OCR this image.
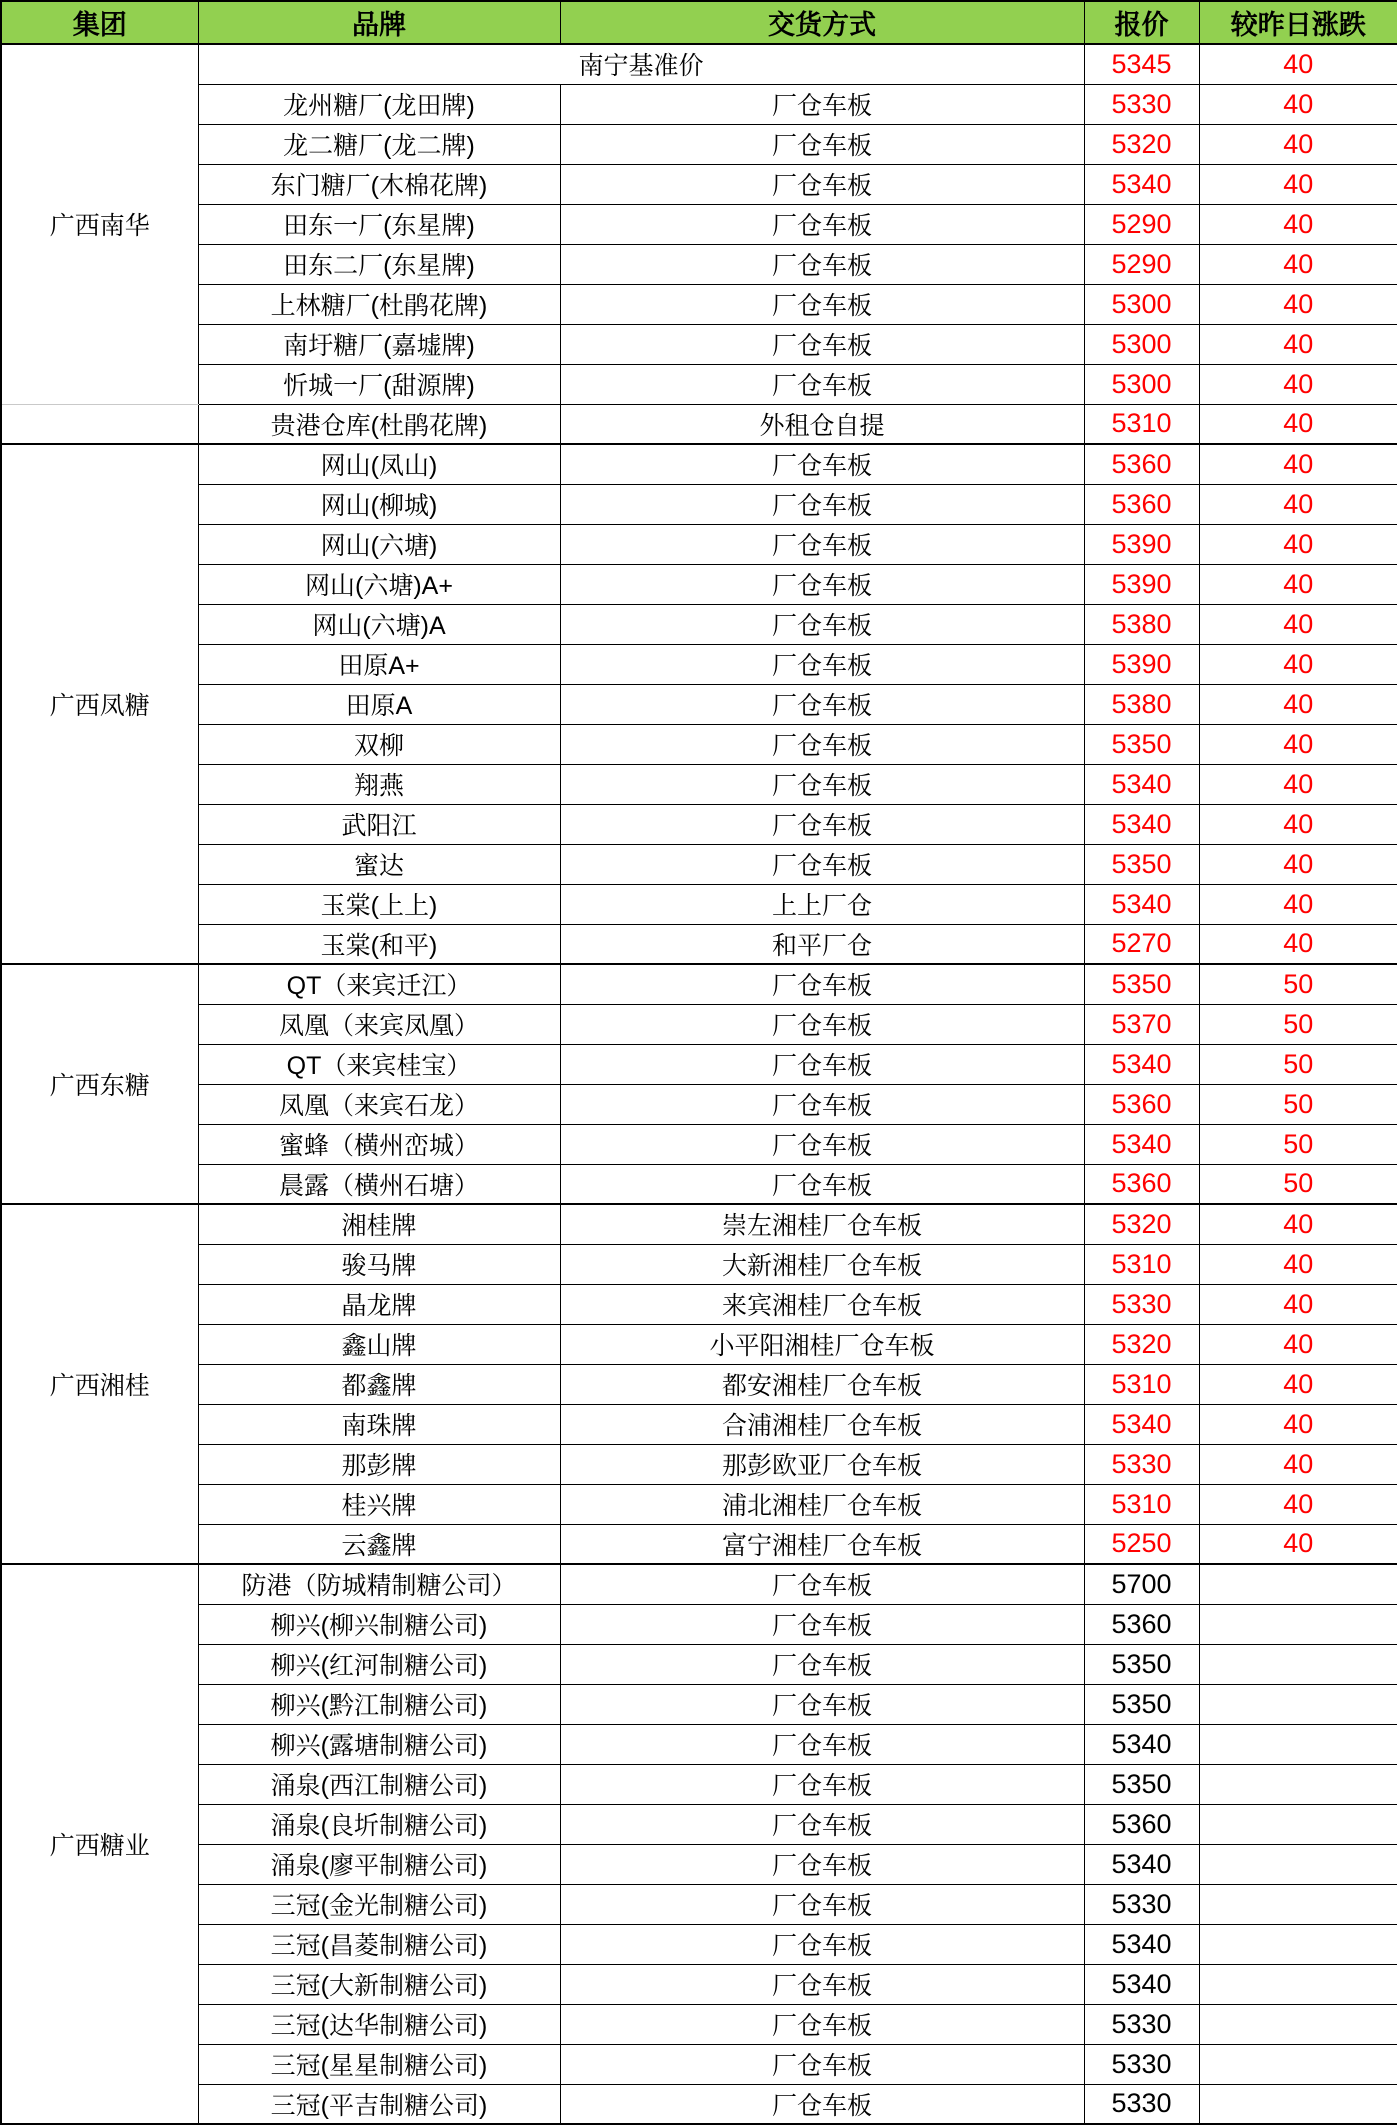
集团	品牌	交货方式	报价	较昨日涨跌
广西南华	南宁基准价		5345	40
	龙州糖厂(龙田牌)	厂仓车板	5330	40
	龙二糖厂(龙二牌)	厂仓车板	5320	40
	东门糖厂(木棉花牌)	厂仓车板	5340	40
	田东一厂(东星牌)	厂仓车板	5290	40
	田东二厂(东星牌)	厂仓车板	5290	40
	上林糖厂(杜鹃花牌)	厂仓车板	5300	40
	南圩糖厂(嘉墟牌)	厂仓车板	5300	40
	忻城一厂(甜源牌)	厂仓车板	5300	40
	贵港仓库(杜鹃花牌)	外租仓自提	5310	40
广西凤糖	网山(凤山)	厂仓车板	5360	40
	网山(柳城)	厂仓车板	5360	40
	网山(六塘)	厂仓车板	5390	40
	网山(六塘)A+	厂仓车板	5390	40
	网山(六塘)A	厂仓车板	5380	40
	田原A+	厂仓车板	5390	40
	田原A	厂仓车板	5380	40
	双柳	厂仓车板	5350	40
	翔燕	厂仓车板	5340	40
	武阳江	厂仓车板	5340	40
	蜜达	厂仓车板	5350	40
	玉棠(上上)	上上厂仓	5340	40
	玉棠(和平)	和平厂仓	5270	40
广西东糖	QT（来宾迁江）	厂仓车板	5350	50
	凤凰（来宾凤凰）	厂仓车板	5370	50
	QT（来宾桂宝）	厂仓车板	5340	50
	凤凰（来宾石龙）	厂仓车板	5360	50
	蜜蜂（横州峦城）	厂仓车板	5340	50
	晨露（横州石塘）	厂仓车板	5360	50
广西湘桂	湘桂牌	崇左湘桂厂仓车板	5320	40
	骏马牌	大新湘桂厂仓车板	5310	40
	晶龙牌	来宾湘桂厂仓车板	5330	40
	鑫山牌	小平阳湘桂厂仓车板	5320	40
	都鑫牌	都安湘桂厂仓车板	5310	40
	南珠牌	合浦湘桂厂仓车板	5340	40
	那彭牌	那彭欧亚厂仓车板	5330	40
	桂兴牌	浦北湘桂厂仓车板	5310	40
	云鑫牌	富宁湘桂厂仓车板	5250	40
广西糖业	防港（防城精制糖公司）	厂仓车板	5700	
	柳兴(柳兴制糖公司)	厂仓车板	5360	
	柳兴(红河制糖公司)	厂仓车板	5350	
	柳兴(黔江制糖公司)	厂仓车板	5350	
	柳兴(露塘制糖公司)	厂仓车板	5340	
	涌泉(西江制糖公司)	厂仓车板	5350	
	涌泉(良圻制糖公司)	厂仓车板	5360	
	涌泉(廖平制糖公司)	厂仓车板	5340	
	三冠(金光制糖公司)	厂仓车板	5330	
	三冠(昌菱制糖公司)	厂仓车板	5340	
	三冠(大新制糖公司)	厂仓车板	5340	
	三冠(达华制糖公司)	厂仓车板	5330	
	三冠(星星制糖公司)	厂仓车板	5330	
	三冠(平吉制糖公司)	厂仓车板	5330	
